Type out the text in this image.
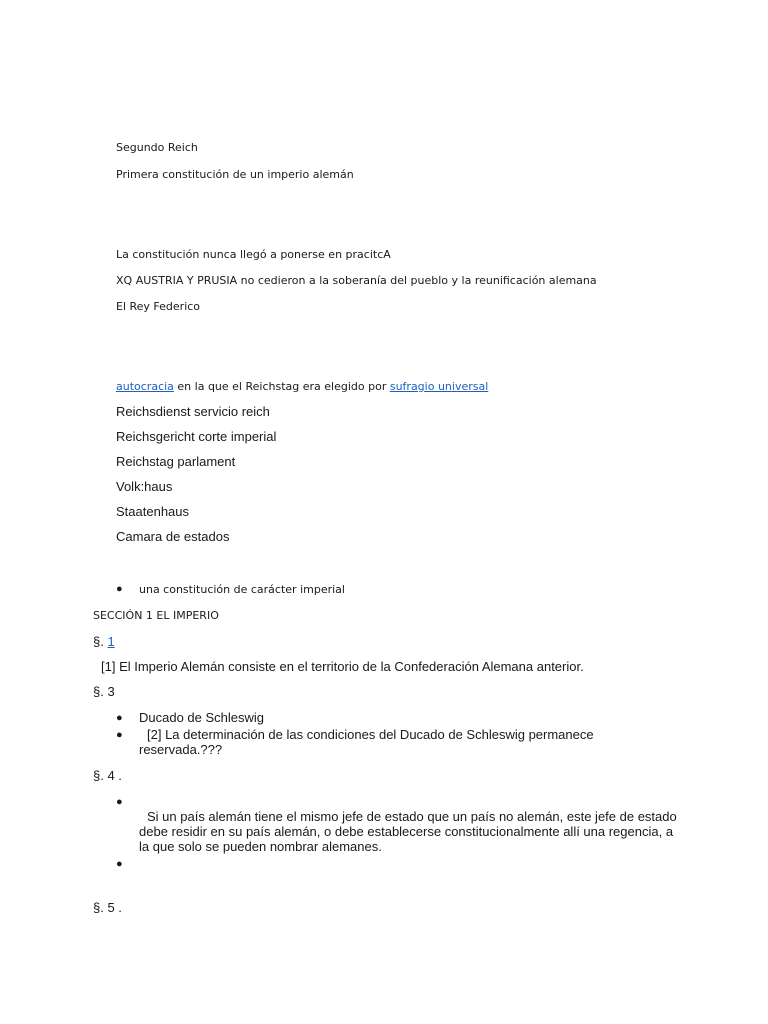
Segundo Reich
Primera constitución de un imperio alemán
La constitución nunca llegó a ponerse en pracitcA
XQ AUSTRIA Y PRUSIA no cedieron a la soberanía del pueblo y la reunificación alemana
El Rey Federico
autocracia en la que el Reichstag era elegido por sufragio universal
Reichsdienst servicio reich
Reichsgericht corte imperial
Reichstag parlament
Volk:haus
Staatenhaus
Camara de estados
● una constitución de carácter imperial
SECCIÓN 1 EL IMPERIO
§. 1
[1] El Imperio Alemán consiste en el territorio de la Confederación Alemana anterior.
§. 3
● Ducado de Schleswig
●	[2] La determinación de las condiciones del Ducado de Schleswig permanece reservada.???
§. 4 .
●
Si un país alemán tiene el mismo jefe de estado que un país no alemán, este jefe de estado debe residir en su país alemán, o debe establecerse constitucionalmente allí una regencia, a la que solo se pueden nombrar alemanes.
●
§. 5 .
